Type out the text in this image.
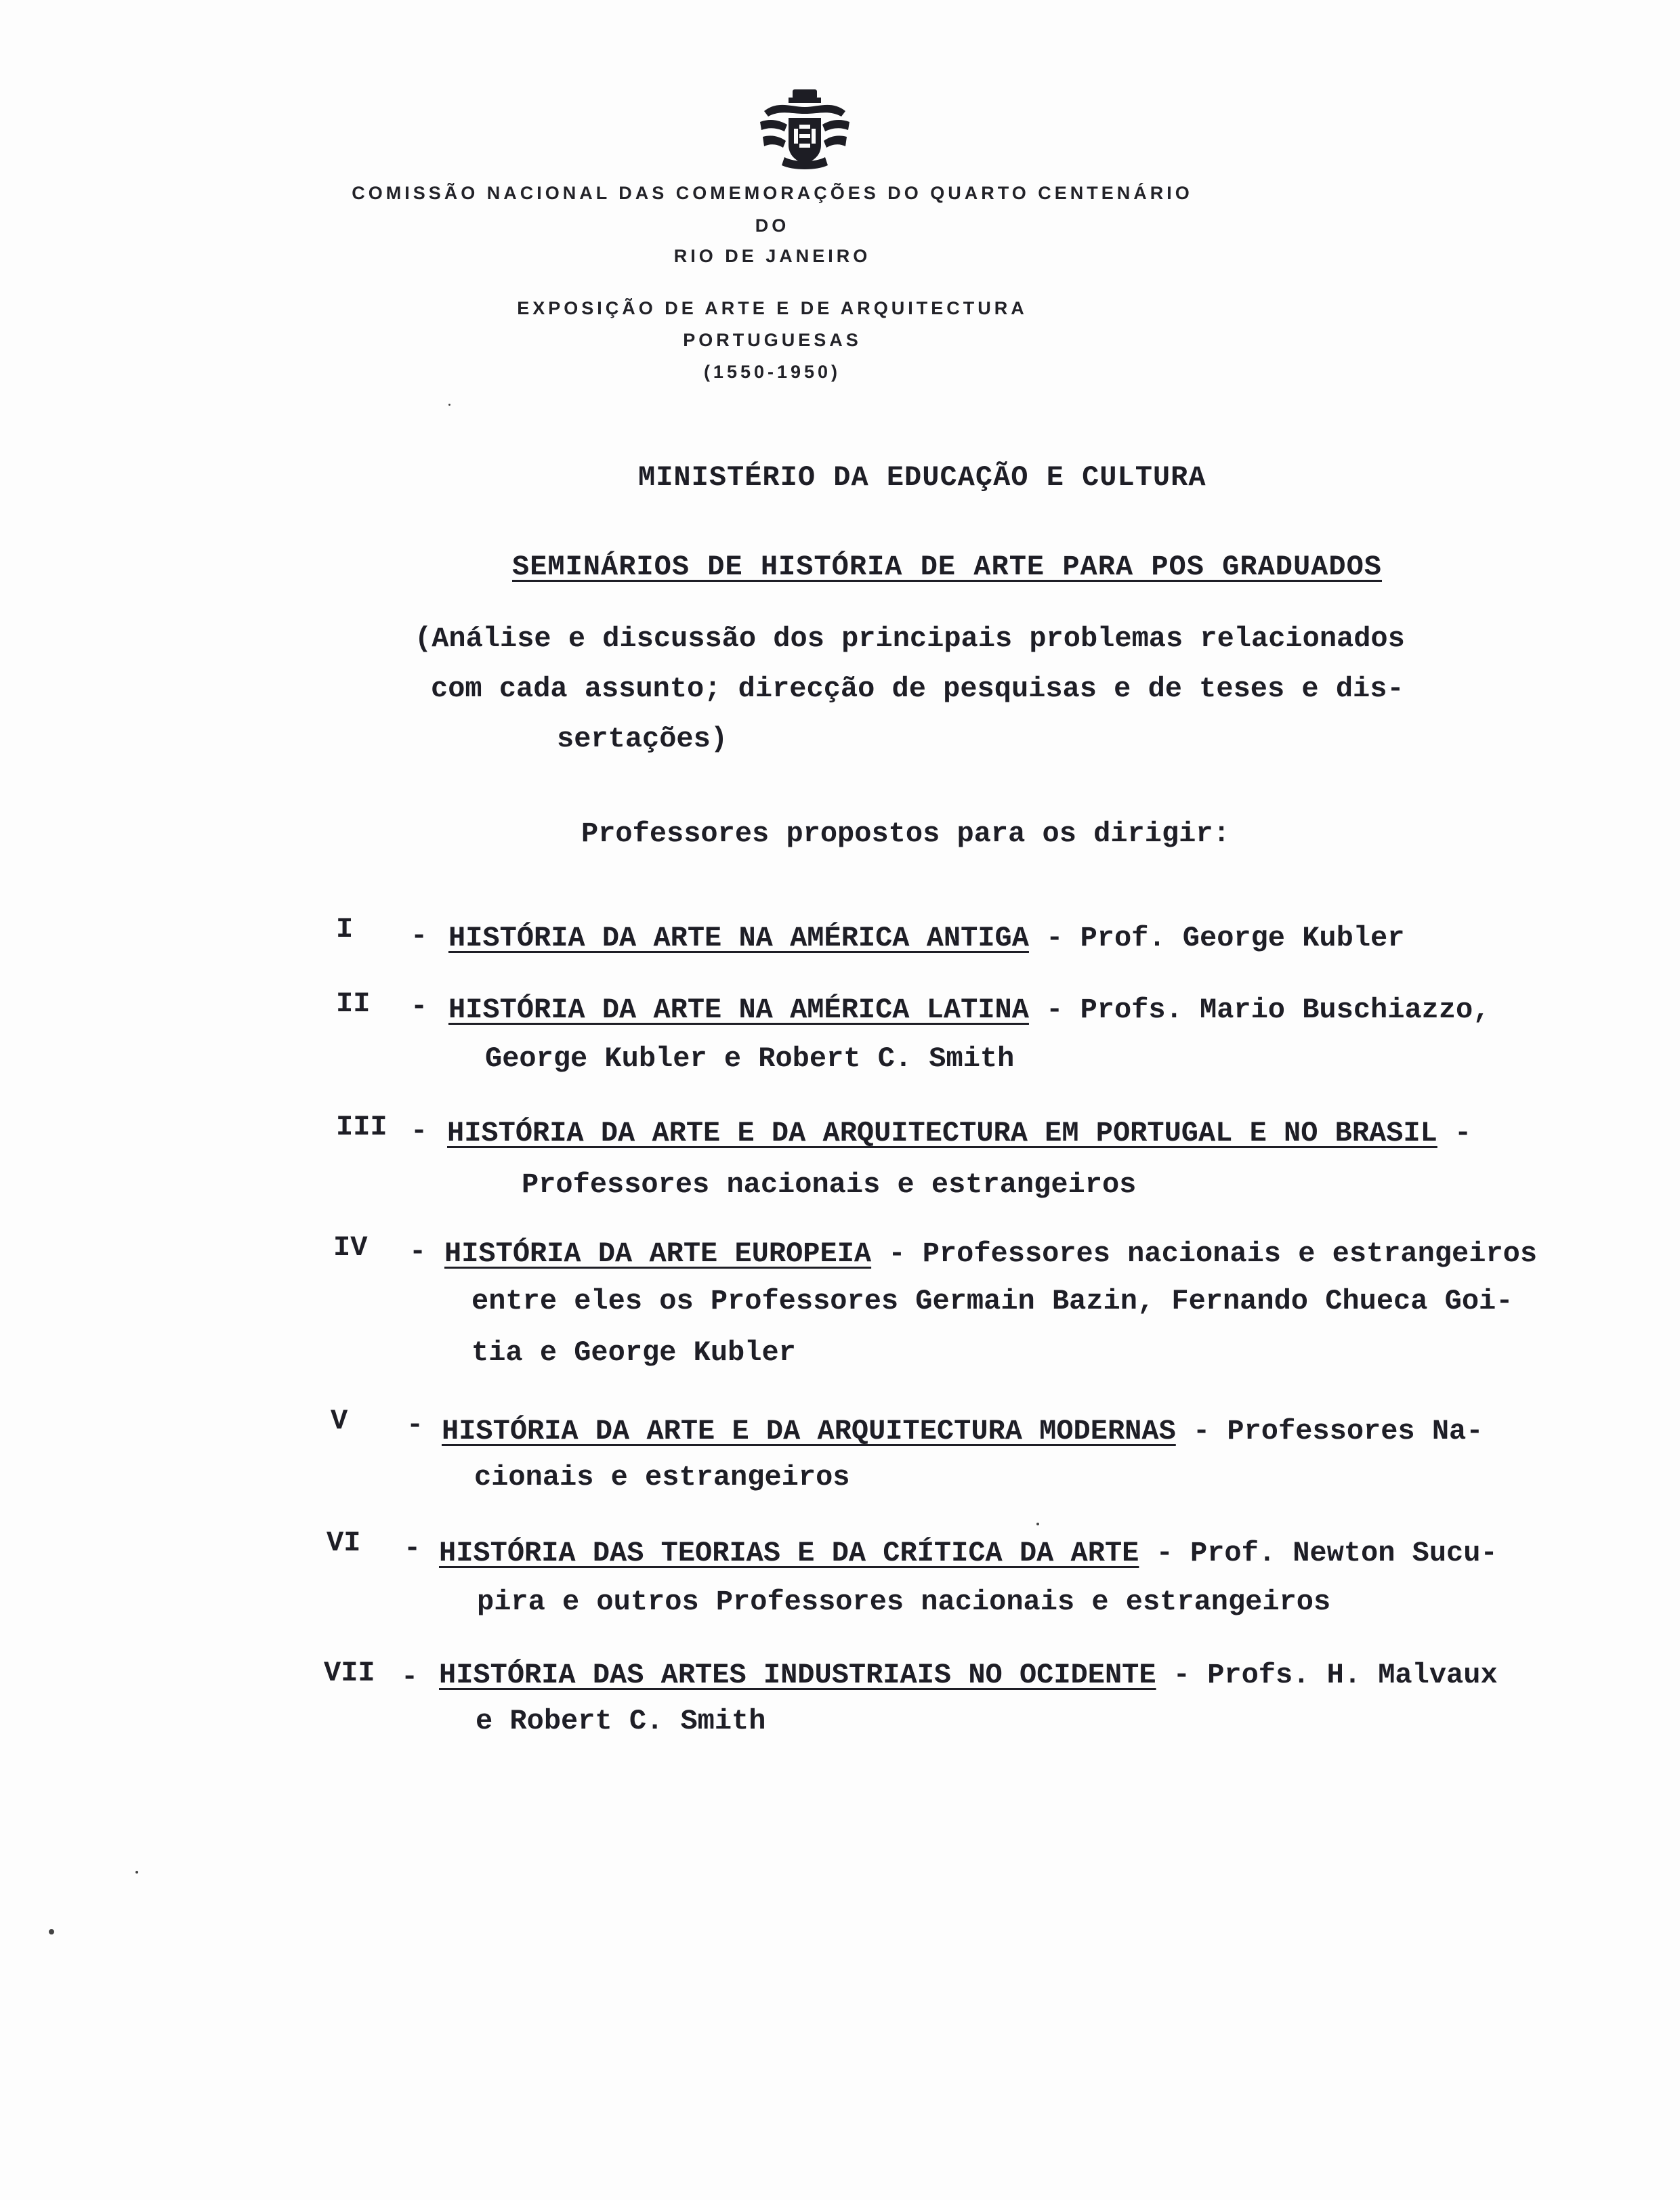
COMISSÃO NACIONAL DAS COMEMORAÇÕES DO QUARTO CENTENÁRIO
DO
RIO DE JANEIRO
EXPOSIÇÃO DE ARTE E DE ARQUITECTURA
PORTUGUESAS
(1550-1950)
MINISTÉRIO DA EDUCAÇÃO E CULTURA
SEMINÁRIOS DE HISTÓRIA DE ARTE PARA POS GRADUADOS
(Análise e discussão dos principais problemas relacionados
com cada assunto; direcção de pesquisas e de teses e dis-
sertações)
Professores propostos para os dirigir:
I - HISTÓRIA DA ARTE NA AMÉRICA ANTIGA - Prof. George Kubler
II - HISTÓRIA DA ARTE NA AMÉRICA LATINA - Profs. Mario Buschiazzo,
George Kubler e Robert C. Smith
III - HISTÓRIA DA ARTE E DA ARQUITECTURA EM PORTUGAL E NO BRASIL -
Professores nacionais e estrangeiros
IV - HISTÓRIA DA ARTE EUROPEIA - Professores nacionais e estrangeiros
entre eles os Professores Germain Bazin, Fernando Chueca Goi-
tia e George Kubler
V - HISTÓRIA DA ARTE E DA ARQUITECTURA MODERNAS - Professores Na-
cionais e estrangeiros
VI - HISTÓRIA DAS TEORIAS E DA CRÍTICA DA ARTE - Prof. Newton Sucu-
pira e outros Professores nacionais e estrangeiros
VII - HISTÓRIA DAS ARTES INDUSTRIAIS NO OCIDENTE - Profs. H. Malvaux
e Robert C. Smith
